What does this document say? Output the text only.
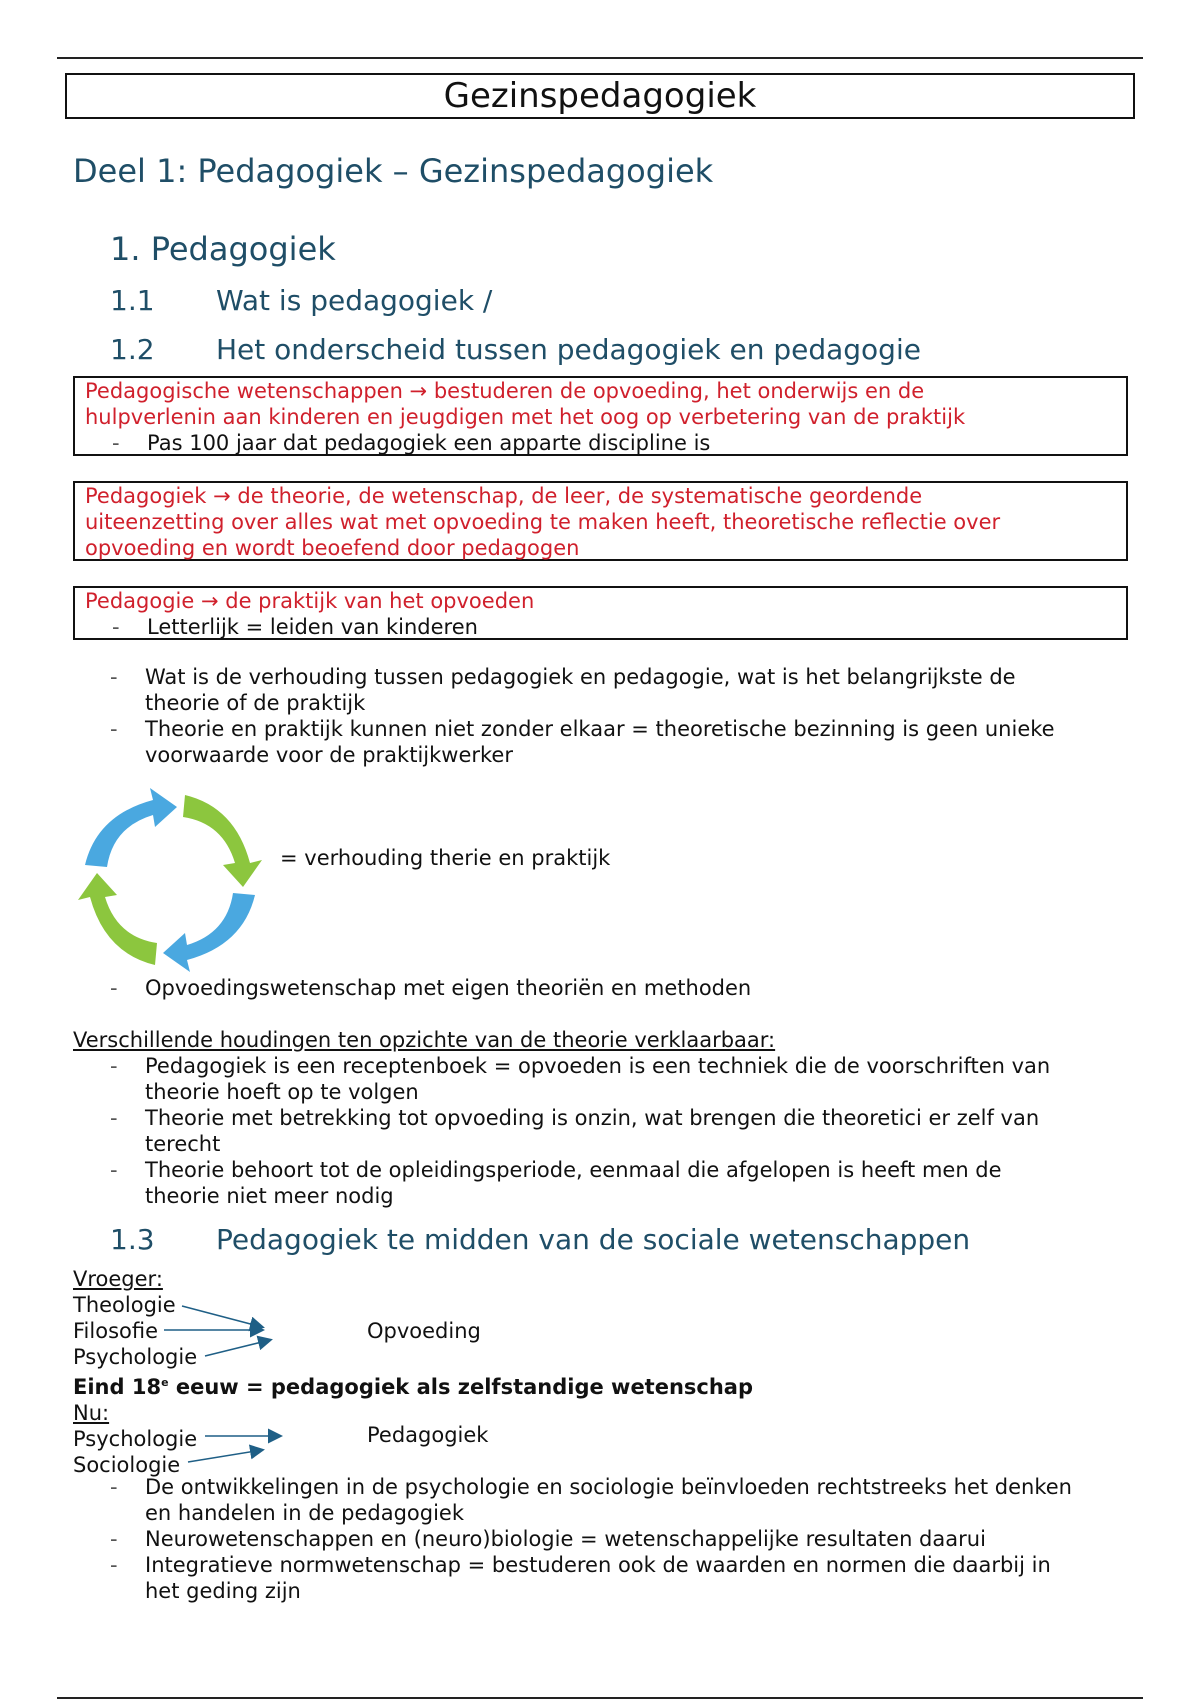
Gezinspedagogiek
Deel 1: Pedagogiek – Gezinspedagogiek
1. Pedagogiek
1.1 Wat is pedagogiek /
1.2 Het onderscheid tussen pedagogiek en pedagogie
Pedagogische wetenschappen → bestuderen de opvoeding, het onderwijs en de
hulpverlenin aan kinderen en jeugdigen met het oog op verbetering van de praktijk
- Pas 100 jaar dat pedagogiek een apparte discipline is
Pedagogiek → de theorie, de wetenschap, de leer, de systematische geordende
uiteenzetting over alles wat met opvoeding te maken heeft, theoretische reflectie over
opvoeding en wordt beoefend door pedagogen
Pedagogie → de praktijk van het opvoeden
- Letterlijk = leiden van kinderen
- Wat is de verhouding tussen pedagogiek en pedagogie, wat is het belangrijkste de
theorie of de praktijk
- Theorie en praktijk kunnen niet zonder elkaar = theoretische bezinning is geen unieke
voorwaarde voor de praktijkwerker
= verhouding therie en praktijk
- Opvoedingswetenschap met eigen theoriën en methoden
Verschillende houdingen ten opzichte van de theorie verklaarbaar:
- Pedagogiek is een receptenboek = opvoeden is een techniek die de voorschriften van
theorie hoeft op te volgen
- Theorie met betrekking tot opvoeding is onzin, wat brengen die theoretici er zelf van
terecht
- Theorie behoort tot de opleidingsperiode, eenmaal die afgelopen is heeft men de
theorie niet meer nodig
1.3 Pedagogiek te midden van de sociale wetenschappen
Vroeger:
Theologie
Filosofie
Psychologie
Eind 18e eeuw = pedagogiek als zelfstandige wetenschap
Nu:
Psychologie
Sociologie
Opvoeding
Pedagogiek
- De ontwikkelingen in de psychologie en sociologie beïnvloeden rechtstreeks het denken
en handelen in de pedagogiek
- Neurowetenschappen en (neuro)biologie = wetenschappelijke resultaten daarui
- Integratieve normwetenschap = bestuderen ook de waarden en normen die daarbij in
het geding zijn
